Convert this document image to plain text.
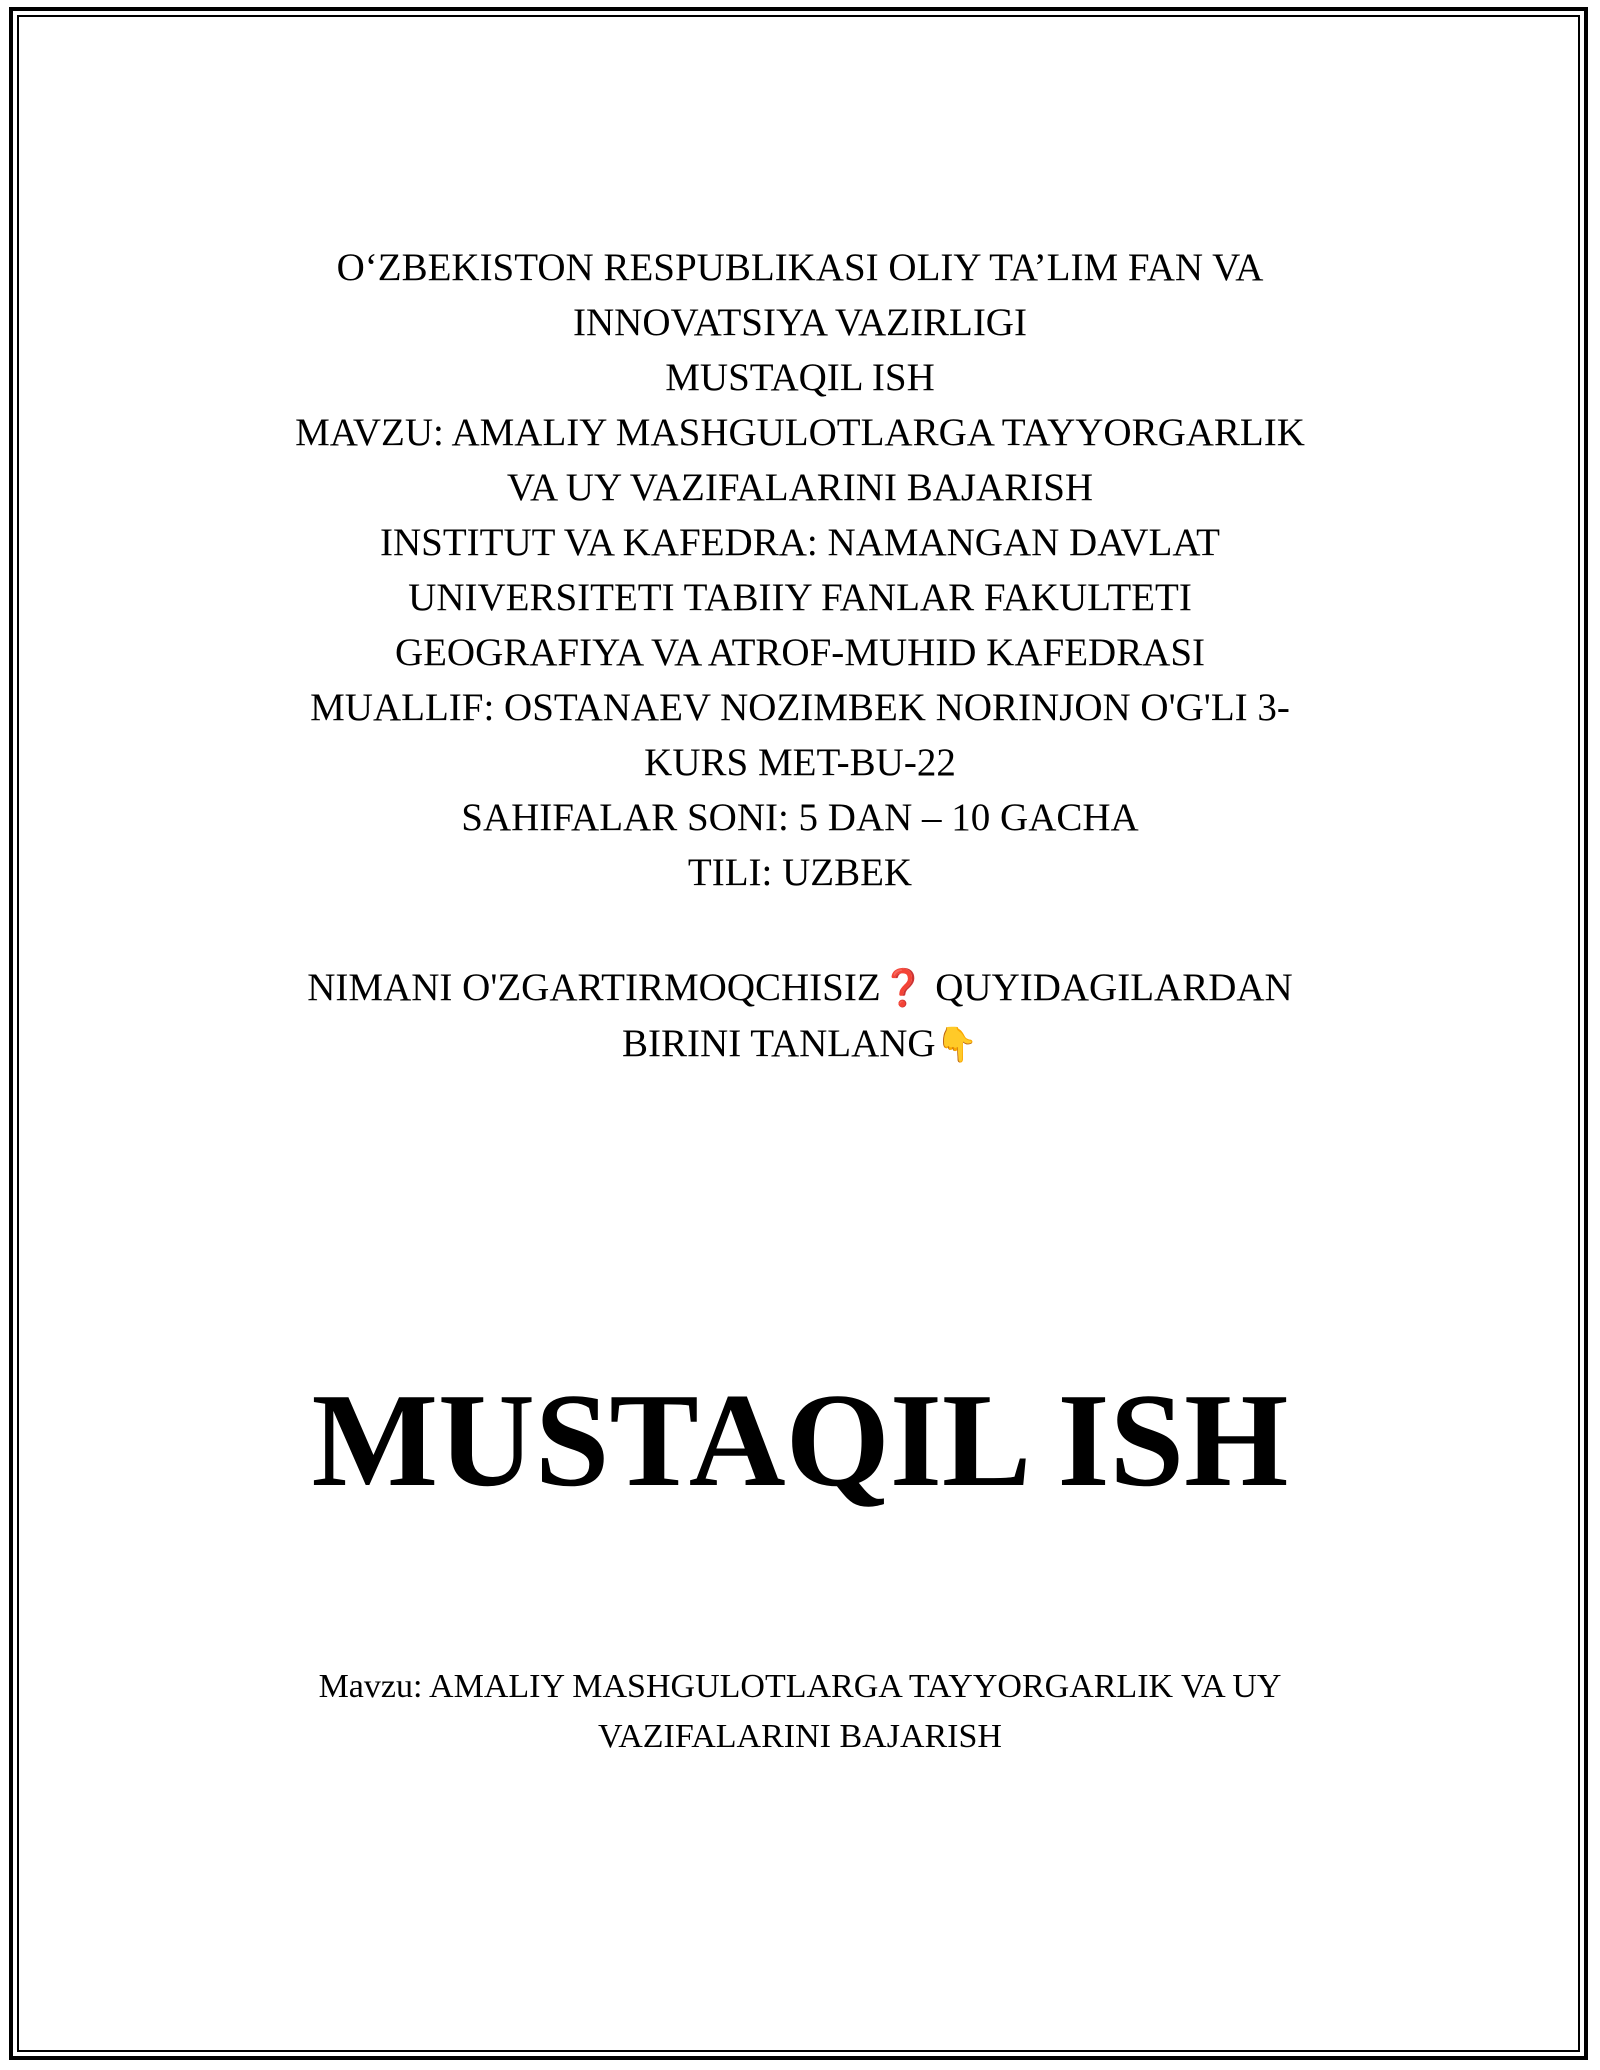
O‘ZBEKISTON RESPUBLIKASI OLIY TA’LIM FAN VA
INNOVATSIYA VAZIRLIGI
MUSTAQIL ISH
MAVZU: AMALIY MASHGULOTLARGA TAYYORGARLIK
VA UY VAZIFALARINI BAJARISH
INSTITUT VA KAFEDRA: NAMANGAN DAVLAT
UNIVERSITETI TABIIY FANLAR FAKULTETI
GEOGRAFIYA VA ATROF-MUHID KAFEDRASI
MUALLIF: OSTANAEV NOZIMBEK NORINJON O'G'LI 3-
KURS MET-BU-22
SAHIFALAR SONI: 5 DAN – 10 GACHA
TILI: UZBEK
NIMANI O'ZGARTIRMOQCHISIZ❓ QUYIDAGILARDAN
BIRINI TANLANG👇
MUSTAQIL ISH
Mavzu: AMALIY MASHGULOTLARGA TAYYORGARLIK VA UY
VAZIFALARINI BAJARISH
